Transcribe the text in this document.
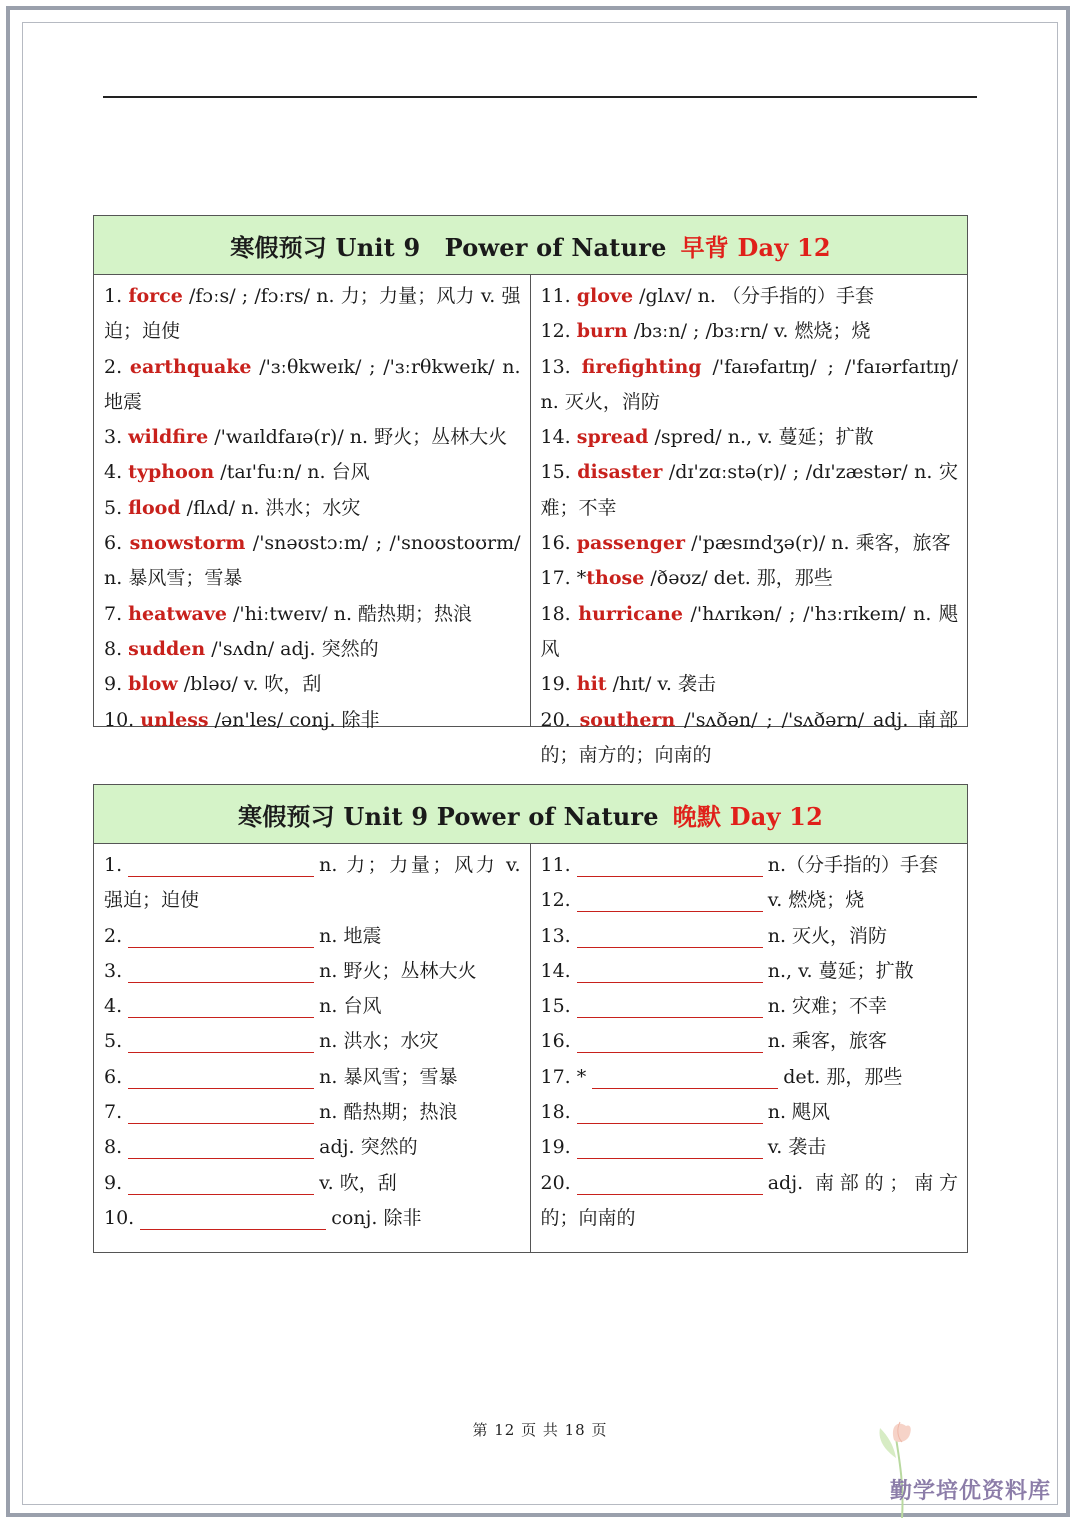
寒假预习 Unit 9　Power of Nature 早背 Day 12
1. force /fɔːs/ ; /fɔːrs/ n. 力；力量；风力 v. 强迫；迫使
2. earthquake /'ɜːθkweɪk/ ; /'ɜːrθkweɪk/ n. 地震
3. wildfire /'waɪldfaɪə(r)/ n. 野火；丛林大火
4. typhoon /taɪ'fuːn/ n. 台风
5. flood /flʌd/ n. 洪水；水灾
6. snowstorm /'snəʊstɔːm/ ; /'snoʊstoʊrm/ n. 暴风雪；雪暴
7. heatwave /'hiːtweɪv/ n. 酷热期；热浪
8. sudden /'sʌdn/ adj. 突然的
9. blow /bləʊ/ v. 吹，刮
10. unless /ən'les/ conj. 除非
11. glove /glʌv/ n. （分手指的）手套
12. burn /bɜːn/ ; /bɜːrn/ v. 燃烧；烧
13. firefighting /'faɪəfaɪtɪŋ/ ; /'faɪərfaɪtɪŋ/ n. 灭火，消防
14. spread /spred/ n., v. 蔓延；扩散
15. disaster /dɪ'zɑːstə(r)/ ; /dɪ'zæstər/ n. 灾难；不幸
16. passenger /'pæsɪndʒə(r)/ n. 乘客，旅客
17. *those /ðəʊz/ det. 那，那些
18. hurricane /'hʌrɪkən/ ; /'hɜːrɪkeɪn/ n. 飓风
19. hit /hɪt/ v. 袭击
20. southern /'sʌðən/ ; /'sʌðərn/ adj. 南部的；南方的；向南的
寒假预习 Unit 9 Power of Nature 晚默 Day 12
1.	n. 力；力量；风力 v. 强迫；迫使
2.	n. 地震
3.	n. 野火；丛林大火
4.	n. 台风
5.	n. 洪水；水灾
6.	n. 暴风雪；雪暴
7.	n. 酷热期；热浪
8.	adj. 突然的
9.	v. 吹，刮
10.	conj. 除非
11.	n.（分手指的）手套
12.	v. 燃烧；烧
13.	n. 灭火，消防
14.	n., v. 蔓延；扩散
15.	n. 灾难；不幸
16.	n. 乘客，旅客
17. *	det. 那，那些
18.	n. 飓风
19.	v. 袭击
20.	adj. 南部的；南方的；向南的
第 12 页 共 18 页
勤学培优资料库
